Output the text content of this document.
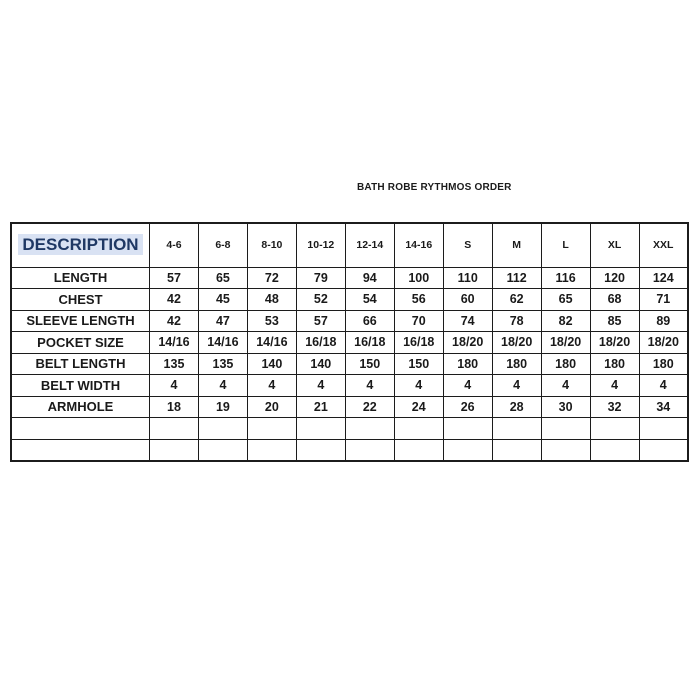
BATH ROBE RYTHMOS ORDER
DESCRIPTION	4-6	6-8	8-10	10-12	12-14	14-16	S	M	L	XL	XXL
LENGTH	57	65	72	79	94	100	110	112	116	120	124
CHEST	42	45	48	52	54	56	60	62	65	68	71
SLEEVE LENGTH	42	47	53	57	66	70	74	78	82	85	89
POCKET SIZE	14/16	14/16	14/16	16/18	16/18	16/18	18/20	18/20	18/20	18/20	18/20
BELT LENGTH	135	135	140	140	150	150	180	180	180	180	180
BELT WIDTH	4	4	4	4	4	4	4	4	4	4	4
ARMHOLE	18	19	20	21	22	24	26	28	30	32	34
